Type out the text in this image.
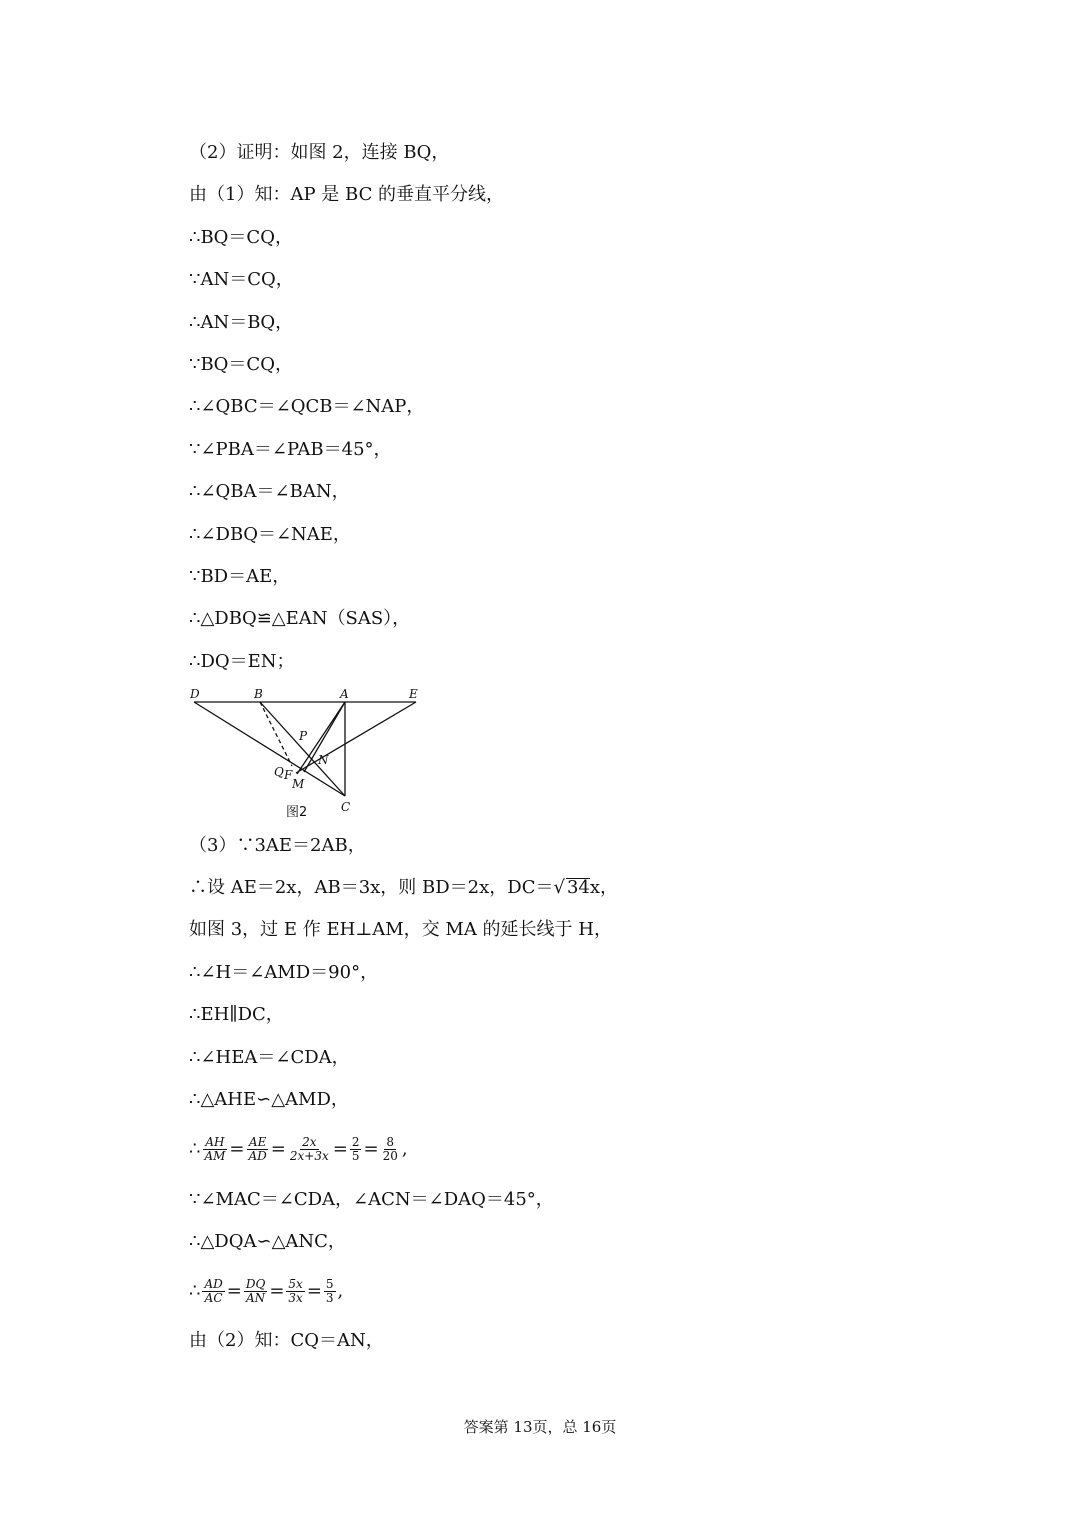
（2）证明：如图 2，连接 BQ，
由（1）知：AP 是 BC 的垂直平分线，
∴BQ＝CQ，
∵AN＝CQ，
∴AN＝BQ，
∵BQ＝CQ，
∴∠QBC＝∠QCB＝∠NAP，
∵∠PBA＝∠PAB＝45°，
∴∠QBA＝∠BAN，
∴∠DBQ＝∠NAE，
∵BD＝AE，
∴△DBQ≌△EAN（SAS），
∴DQ＝EN；
D	B	A	E
P
N
Q F
M
C
图2
（3）∵3AE＝2AB，
∴设 AE＝2x，AB＝3x，则 BD＝2x，DC＝√ 34x，
如图 3，过 E 作 EH⊥AM，交 MA 的延长线于 H，
∴∠H＝∠AMD＝90°，
∴EH∥DC，
∴∠HEA＝∠CDA，
∴△AHE∽△AMD，
∴ $\frac{AH}{AM} = \frac{AE}{AD} = \frac{2x}{2x+3x} = \frac{2}{5} = \frac{8}{20}$ ,
∵∠MAC＝∠CDA，∠ACN＝∠DAQ＝45°，
∴△DQA∽△ANC，
∴ $\frac{AD}{AC} = \frac{DQ}{AN} = \frac{5x}{3x} = \frac{5}{3}$ ,
由（2）知：CQ＝AN，
答案第 13页，总 16页
